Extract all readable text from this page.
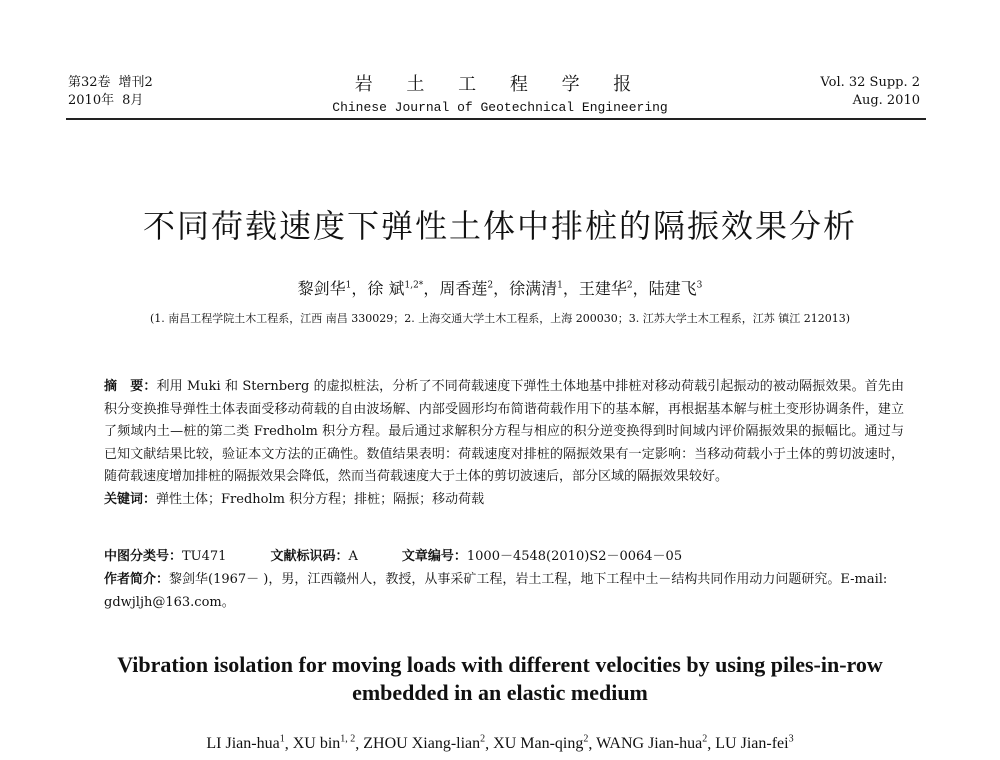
第32卷 增刊2
2010年 8月
岩 土 工 程 学 报
Chinese Journal of Geotechnical Engineering
Vol. 32 Supp. 2
Aug. 2010
不同荷载速度下弹性土体中排桩的隔振效果分析
黎剑华$^1$，徐 斌$^{1,2*}$，周香莲$^2$，徐满清$^1$，王建华$^2$，陆建飞$^3$
(1. 南昌工程学院土木工程系，江西 南昌 330029；2. 上海交通大学土木工程系，上海 200030；3. 江苏大学土木工程系，江苏 镇江 212013)
摘　要：利用 Muki 和 Sternberg 的虚拟桩法，分析了不同荷载速度下弹性土体地基中排桩对移动荷载引起振动的被动隔振效果。首先由积分变换推导弹性土体表面受移动荷载的自由波场解、内部受圆形均布简谐荷载作用下的基本解，再根据基本解与桩土变形协调条件，建立了频域内土—桩的第二类 Fredholm 积分方程。最后通过求解积分方程与相应的积分逆变换得到时间域内评价隔振效果的振幅比。通过与已知文献结果比较，验证本文方法的正确性。数值结果表明：荷载速度对排桩的隔振效果有一定影响：当移动荷载小于土体的剪切波速时，随荷载速度增加排桩的隔振效果会降低，然而当荷载速度大于土体的剪切波速后，部分区域的隔振效果较好。
关键词：弹性土体；Fredholm 积分方程；排桩；隔振；移动荷载
中图分类号：TU471	文献标识码：A	文章编号：1000－4548(2010)S2－0064－05
作者简介：黎剑华(1967－ )，男，江西赣州人，教授，从事采矿工程，岩土工程，地下工程中土－结构共同作用动力问题研究。E-mail: gdwjljh@163.com。
Vibration isolation for moving loads with different velocities by using piles-in-row embedded in an elastic medium
LI Jian-hua$^1$, XU bin$^{1, 2}$, ZHOU Xiang-lian$^2$, XU Man-qing$^2$, WANG Jian-hua$^2$, LU Jian-fei$^3$
